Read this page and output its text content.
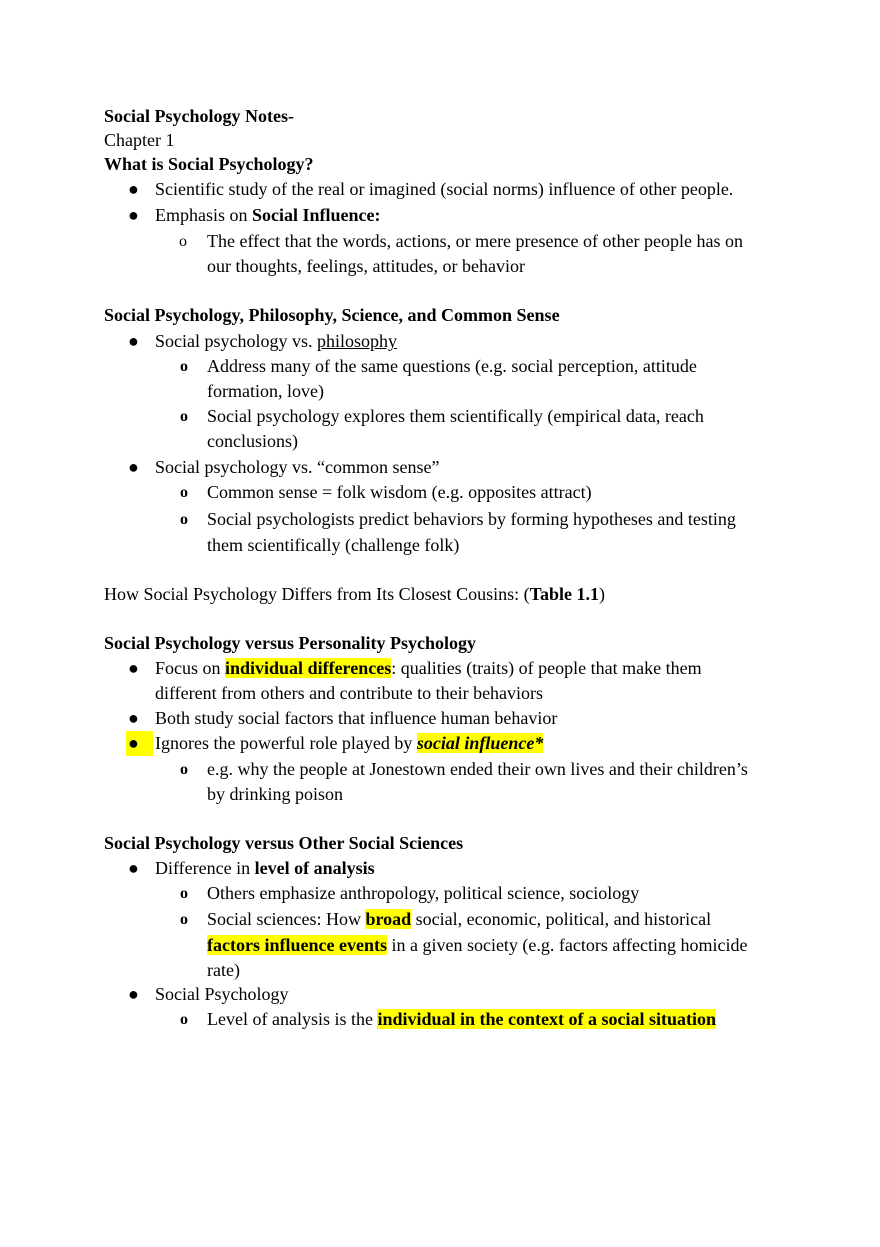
Social Psychology Notes-
Chapter 1
What is Social Psychology?
● Scientific study of the real or imagined (social norms) influence of other people.
● Emphasis on Social Influence:
o The effect that the words, actions, or mere presence of other people has on
our thoughts, feelings, attitudes, or behavior
Social Psychology, Philosophy, Science, and Common Sense
● Social psychology vs. philosophy
o Address many of the same questions (e.g. social perception, attitude
formation, love)
o Social psychology explores them scientifically (empirical data, reach
conclusions)
● Social psychology vs. “common sense”
o Common sense = folk wisdom (e.g. opposites attract)
o Social psychologists predict behaviors by forming hypotheses and testing
them scientifically (challenge folk)
How Social Psychology Differs from Its Closest Cousins: (Table 1.1)
Social Psychology versus Personality Psychology
● Focus on individual differences: qualities (traits) of people that make them
different from others and contribute to their behaviors
● Both study social factors that influence human behavior
● Ignores the powerful role played by social influence*
o e.g. why the people at Jonestown ended their own lives and their children’s
by drinking poison
Social Psychology versus Other Social Sciences
● Difference in level of analysis
o Others emphasize anthropology, political science, sociology
o Social sciences: How broad social, economic, political, and historical
factors influence events in a given society (e.g. factors affecting homicide
rate)
● Social Psychology
o Level of analysis is the individual in the context of a social situation
